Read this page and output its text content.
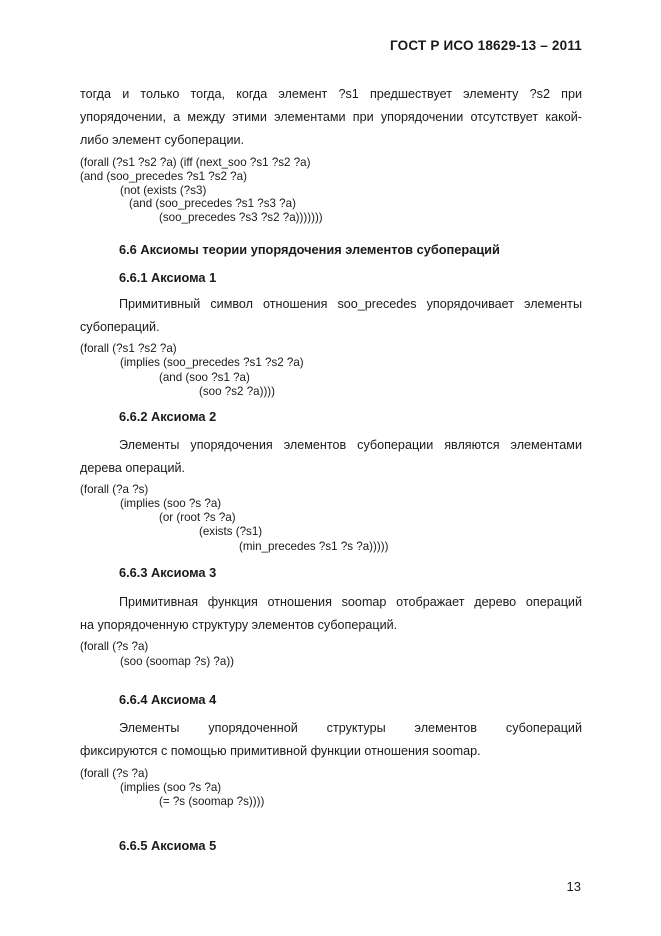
ГОСТ Р ИСО 18629-13 – 2011
тогда и только тогда, когда элемент ?s1 предшествует элементу ?s2 при
упорядочении, а между этими элементами при упорядочении отсутствует какой-
либо элемент субоперации.
(forall (?s1 ?s2 ?a) (iff (next_soo ?s1 ?s2 ?a)
(and (soo_precedes ?s1 ?s2 ?a)
(not (exists (?s3)
(and (soo_precedes ?s1 ?s3 ?a)
(soo_precedes ?s3 ?s2 ?a)))))))
6.6 Аксиомы теории упорядочения элементов субопераций
6.6.1 Аксиома 1
Примитивный символ отношения soo_precedes упорядочивает элементы
субопераций.
(forall (?s1 ?s2 ?a)
(implies (soo_precedes ?s1 ?s2 ?a)
(and (soo ?s1 ?a)
(soo ?s2 ?a))))
6.6.2 Аксиома 2
Элементы упорядочения элементов субоперации являются элементами
дерева операций.
(forall (?a ?s)
(implies (soo ?s ?a)
(or (root ?s ?a)
(exists (?s1)
(min_precedes ?s1 ?s ?a)))))
6.6.3 Аксиома 3
Примитивная функция отношения soomap отображает дерево операций
на упорядоченную структуру элементов субопераций.
(forall (?s ?a)
(soo (soomap ?s) ?a))
6.6.4 Аксиома 4
Элементы упорядоченной структуры элементов субопераций
фиксируются с помощью примитивной функции отношения soomap.
(forall (?s ?a)
(implies (soo ?s ?a)
(= ?s (soomap ?s))))
6.6.5 Аксиома 5
13
